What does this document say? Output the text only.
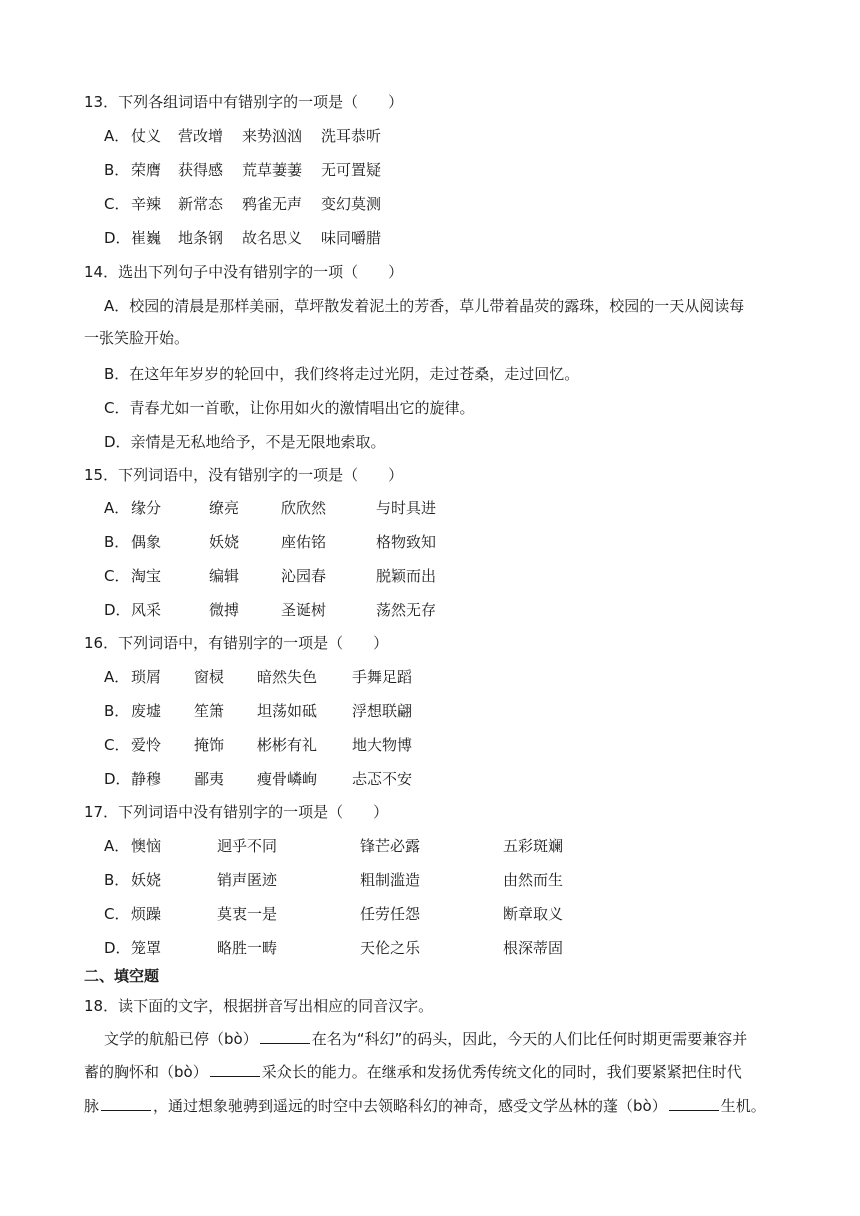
13．下列各组词语中有错别字的一项是（　　）
A． 仗义 营改增 来势汹汹 洗耳恭听
B． 荣膺 获得感 荒草萋萋 无可置疑
C． 辛辣 新常态 鸦雀无声 变幻莫测
D． 崔巍 地条钢 故名思义 味同嚼腊
14．选出下列句子中没有错别字的一项（　　）
A．校园的清晨是那样美丽，草坪散发着泥土的芳香，草儿带着晶荧的露珠，校园的一天从阅读每
一张笑脸开始。
B．在这年年岁岁的轮回中，我们终将走过光阴，走过苍桑，走过回忆。
C．青春尤如一首歌，让你用如火的激情唱出它的旋律。
D．亲情是无私地给予，不是无限地索取。
15．下列词语中，没有错别字的一项是（　　）
A． 缘分	缭亮	欣欣然	与时具进
B． 偶象	妖娆	座佑铭	格物致知
C． 淘宝	编辑	沁园春	脱颖而出
D． 风采	微搏	圣诞树	荡然无存
16．下列词语中，有错别字的一项是（　　）
A． 琐屑 窗棂 暗然失色 手舞足蹈
B． 废墟 笙箫 坦荡如砥 浮想联翩
C． 爱怜 掩饰 彬彬有礼 地大物博
D． 静穆 鄙夷 瘦骨嶙峋 忐忑不安
17．下列词语中没有错别字的一项是（　　）
A． 懊恼	迥乎不同	锋芒必露	五彩斑斓
B． 妖娆	销声匿迹	粗制滥造	由然而生
C． 烦躁	莫衷一是	任劳任怨	断章取义
D． 笼罩	略胜一畴	天伦之乐	根深蒂固
二、填空题
18．读下面的文字，根据拼音写出相应的同音汉字。
文学的航船已停（bò）	在名为“科幻”的码头，因此，今天的人们比任何时期更需要兼容并
蓄的胸怀和（bò）	采众长的能力。在继承和发扬优秀传统文化的同时，我们要紧紧把住时代
脉	，通过想象驰骋到遥远的时空中去领略科幻的神奇，感受文学丛林的蓬（bò）	生机。
